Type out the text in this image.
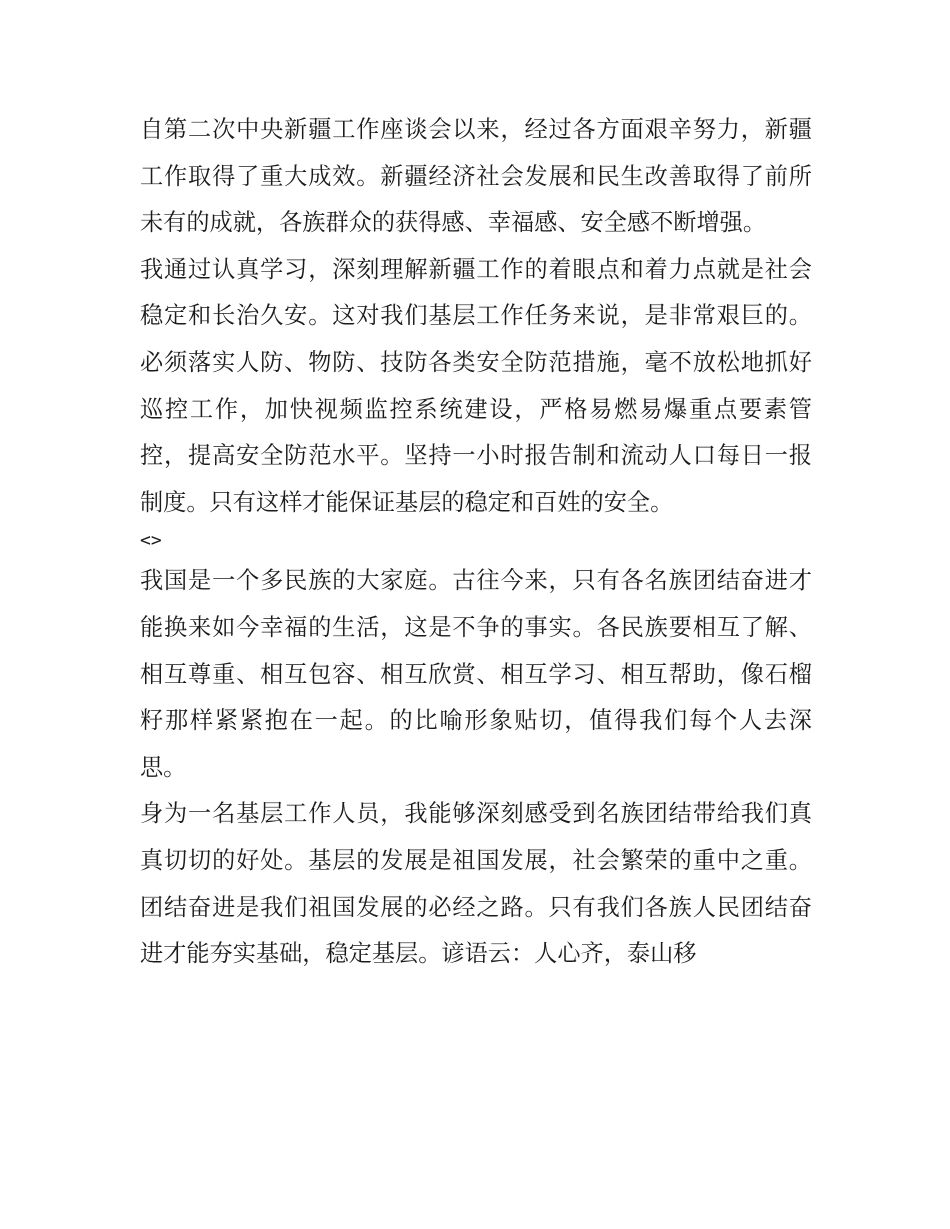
自第二次中央新疆工作座谈会以来，经过各方面艰辛努力，新疆工作取得了重大成效。新疆经济社会发展和民生改善取得了前所未有的成就，各族群众的获得感、幸福感、安全感不断增强。

我通过认真学习，深刻理解新疆工作的着眼点和着力点就是社会稳定和长治久安。这对我们基层工作任务来说，是非常艰巨的。必须落实人防、物防、技防各类安全防范措施，毫不放松地抓好巡控工作，加快视频监控系统建设，严格易燃易爆重点要素管控，提高安全防范水平。坚持一小时报告制和流动人口每日一报制度。只有这样才能保证基层的稳定和百姓的安全。

<>

我国是一个多民族的大家庭。古往今来，只有各名族团结奋进才能换来如今幸福的生活，这是不争的事实。各民族要相互了解、相互尊重、相互包容、相互欣赏、相互学习、相互帮助，像石榴籽那样紧紧抱在一起。的比喻形象贴切，值得我们每个人去深思。

身为一名基层工作人员，我能够深刻感受到名族团结带给我们真真切切的好处。基层的发展是祖国发展，社会繁荣的重中之重。团结奋进是我们祖国发展的必经之路。只有我们各族人民团结奋进才能夯实基础，稳定基层。谚语云：人心齐，泰山移
